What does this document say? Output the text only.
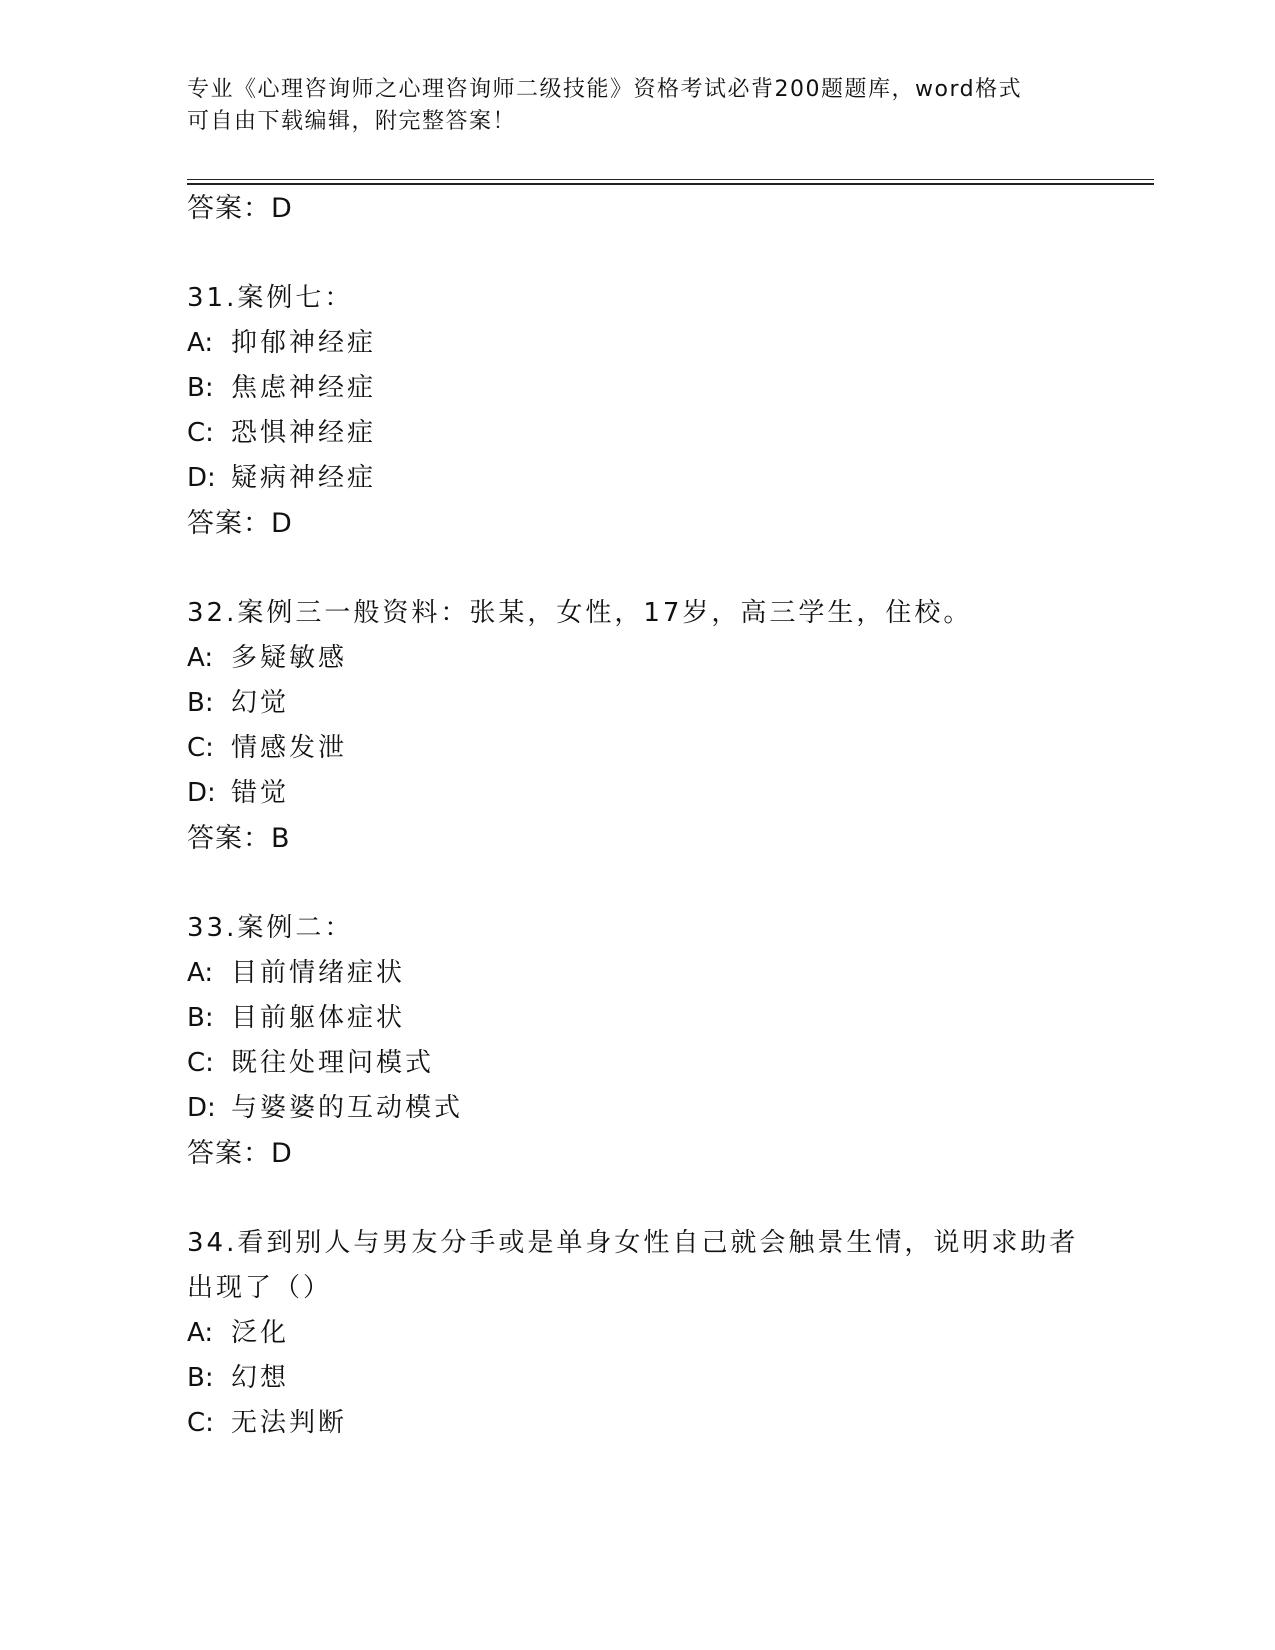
专业《心理咨询师之心理咨询师二级技能》资格考试必背200题题库，word格式
可自由下载编辑，附完整答案！
答案：D
31.案例七：
A: 抑郁神经症
B: 焦虑神经症
C: 恐惧神经症
D: 疑病神经症
答案：D
32.案例三一般资料：张某，女性，17岁，高三学生，住校。
A: 多疑敏感
B: 幻觉
C: 情感发泄
D: 错觉
答案：B
33.案例二：
A: 目前情绪症状
B: 目前躯体症状
C: 既往处理问模式
D: 与婆婆的互动模式
答案：D
34.看到别人与男友分手或是单身女性自己就会触景生情，说明求助者
出现了（）
A: 泛化
B: 幻想
C: 无法判断
